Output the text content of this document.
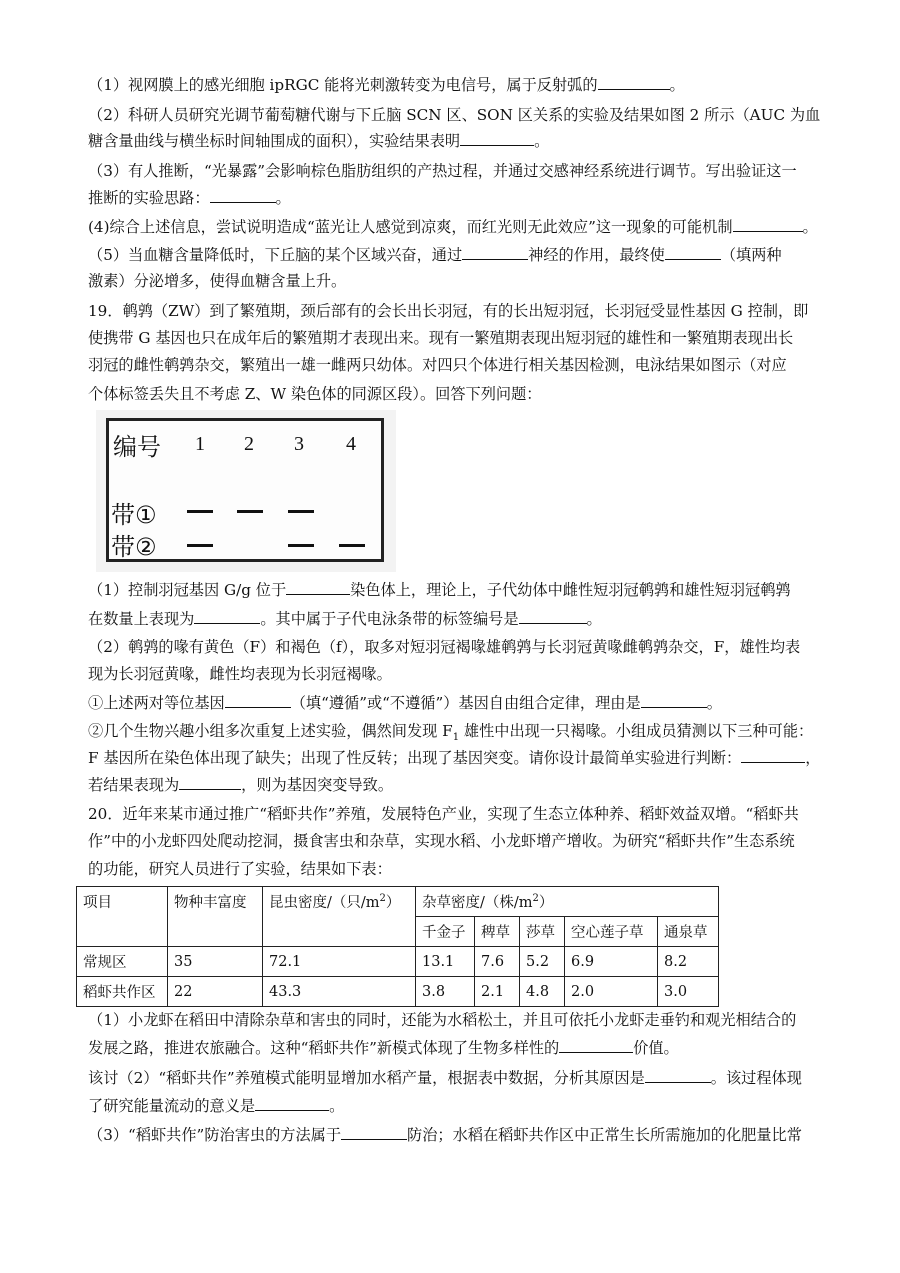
（1）视网膜上的感光细胞 ipRGC 能将光刺激转变为电信号，属于反射弧的	。
（2）科研人员研究光调节葡萄糖代谢与下丘脑 SCN 区、SON 区关系的实验及结果如图 2 所示（AUC 为血
糖含量曲线与横坐标时间轴围成的面积），实验结果表明	。
（3）有人推断，“光暴露”会影响棕色脂肪组织的产热过程，并通过交感神经系统进行调节。写出验证这一
推断的实验思路：	。
(4)综合上述信息，尝试说明造成“蓝光让人感觉到凉爽，而红光则无此效应”这一现象的可能机制	。
（5）当血糖含量降低时，下丘脑的某个区域兴奋，通过	神经的作用，最终使	（填两种
激素）分泌增多，使得血糖含量上升。
19．鹌鹑（ZW）到了繁殖期，颈后部有的会长出长羽冠，有的长出短羽冠，长羽冠受显性基因 G 控制，即
使携带 G 基因也只在成年后的繁殖期才表现出来。现有一繁殖期表现出短羽冠的雄性和一繁殖期表现出长
羽冠的雌性鹌鹑杂交，繁殖出一雄一雌两只幼体。对四只个体进行相关基因检测，电泳结果如图示（对应
个体标签丢失且不考虑 Z、W 染色体的同源区段）。回答下列问题：
编号 1 2 3 4
带①
带②
（1）控制羽冠基因 G/g 位于	染色体上，理论上，子代幼体中雌性短羽冠鹌鹑和雄性短羽冠鹌鹑
在数量上表现为	。其中属于子代电泳条带的标签编号是	。
（2）鹌鹑的喙有黄色（F）和褐色（f），取多对短羽冠褐喙雄鹌鹑与长羽冠黄喙雌鹌鹑杂交，F，雄性均表
现为长羽冠黄喙，雌性均表现为长羽冠褐喙。
①上述两对等位基因	（填“遵循”或“不遵循”）基因自由组合定律，理由是	。
②几个生物兴趣小组多次重复上述实验，偶然间发现 $F_1$ 雄性中出现一只褐喙。小组成员猜测以下三种可能：
F 基因所在染色体出现了缺失；出现了性反转；出现了基因突变。请你设计最简单实验进行判断：	，
若结果表现为	，则为基因突变导致。
20．近年来某市通过推广“稻虾共作”养殖，发展特色产业，实现了生态立体种养、稻虾效益双增。“稻虾共
作”中的小龙虾四处爬动挖洞，摄食害虫和杂草，实现水稻、小龙虾增产增收。为研究“稻虾共作”生态系统
的功能，研究人员进行了实验，结果如下表：
项目	物种丰富度	昆虫密度/（只$/m^2$）	杂草密度/（株$/m^2$）				
			千金子	稗草	莎草	空心莲子草	通泉草
常规区	35	72.1	13.1	7.6	5.2	6.9	8.2
稻虾共作区	22	43.3	3.8	2.1	4.8	2.0	3.0
（1）小龙虾在稻田中清除杂草和害虫的同时，还能为水稻松土，并且可依托小龙虾走垂钓和观光相结合的
发展之路，推进农旅融合。这种“稻虾共作”新模式体现了生物多样性的	价值。
该讨（2）“稻虾共作”养殖模式能明显增加水稻产量，根据表中数据，分析其原因是	。该过程体现
了研究能量流动的意义是	。
（3）“稻虾共作”防治害虫的方法属于	防治；水稻在稻虾共作区中正常生长所需施加的化肥量比常
